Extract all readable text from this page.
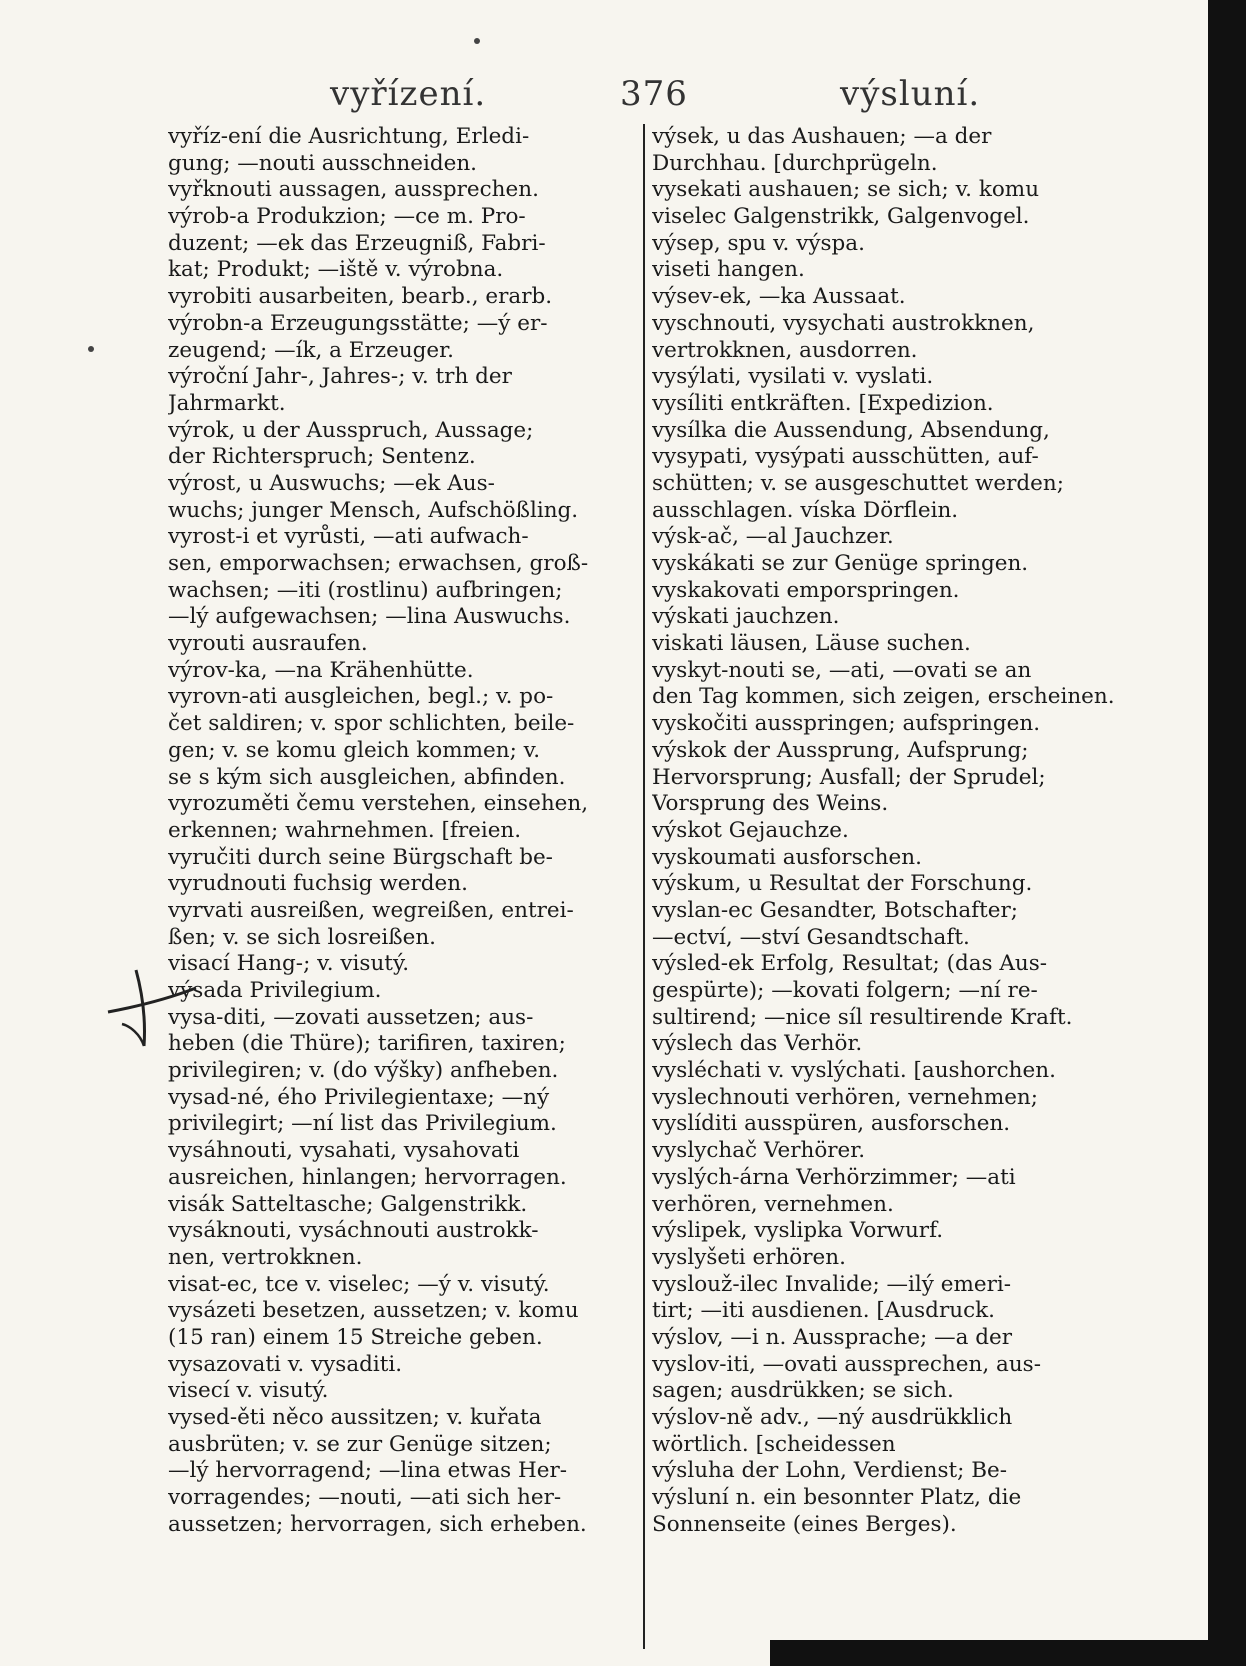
vyřízení.	376	výsluní.
vyříz-ení die Ausrichtung, Erledi-
gung; —nouti ausschneiden.
vyřknouti aussagen, aussprechen.
výrob-a Produkzion; —ce m. Pro-
duzent; —ek das Erzeugniß, Fabri-
kat; Produkt; —iště v. výrobna.
vyrobiti ausarbeiten, bearb., erarb.
výrobn-a Erzeugungsstätte; —ý er-
zeugend; —ík, a Erzeuger.
výroční Jahr-, Jahres-; v. trh der
Jahrmarkt.
výrok, u der Ausspruch, Aussage;
der Richterspruch; Sentenz.
výrost, u Auswuchs; —ek Aus-
wuchs; junger Mensch, Aufschößling.
vyrost-i et vyrůsti, —ati aufwach-
sen, emporwachsen; erwachsen, groß-
wachsen; —iti (rostlinu) aufbringen;
—lý aufgewachsen; —lina Auswuchs.
vyrouti ausraufen.
výrov-ka, —na Krähenhütte.
vyrovn-ati ausgleichen, begl.; v. po-
čet saldiren; v. spor schlichten, beile-
gen; v. se komu gleich kommen; v.
se s kým sich ausgleichen, abfinden.
vyrozuměti čemu verstehen, einsehen,
erkennen; wahrnehmen. [freien.
vyručiti durch seine Bürgschaft be-
vyrudnouti fuchsig werden.
vyrvati ausreißen, wegreißen, entrei-
ßen; v. se sich losreißen.
visací Hang-; v. visutý.
výsada Privilegium.
vysa-diti, —zovati aussetzen; aus-
heben (die Thüre); tarifiren, taxiren;
privilegiren; v. (do výšky) anfheben.
vysad-né, ého Privilegientaxe; —ný
privilegirt; —ní list das Privilegium.
vysáhnouti, vysahati, vysahovati
ausreichen, hinlangen; hervorragen.
visák Satteltasche; Galgenstrikk.
vysáknouti, vysáchnouti austrokk-
nen, vertrokknen.
visat-ec, tce v. viselec; —ý v. visutý.
vysázeti besetzen, aussetzen; v. komu
(15 ran) einem 15 Streiche geben.
vysazovati v. vysaditi.
visecí v. visutý.
vysed-ěti něco aussitzen; v. kuřata
ausbrüten; v. se zur Genüge sitzen;
—lý hervorragend; —lina etwas Her-
vorragendes; —nouti, —ati sich her-
aussetzen; hervorragen, sich erheben.
výsek, u das Aushauen; —a der
Durchhau. [durchprügeln.
vysekati aushauen; se sich; v. komu
viselec Galgenstrikk, Galgenvogel.
výsep, spu v. výspa.
viseti hangen.
výsev-ek, —ka Aussaat.
vyschnouti, vysychati austrokknen,
vertrokknen, ausdorren.
vysýlati, vysilati v. vyslati.
vysíliti entkräften. [Expedizion.
vysílka die Aussendung, Absendung,
vysypati, vysýpati ausschütten, auf-
schütten; v. se ausgeschuttet werden;
ausschlagen. víska Dörflein.
výsk-ač, —al Jauchzer.
vyskákati se zur Genüge springen.
vyskakovati emporspringen.
výskati jauchzen.
viskati läusen, Läuse suchen.
vyskyt-nouti se, —ati, —ovati se an
den Tag kommen, sich zeigen, erscheinen.
vyskočiti ausspringen; aufspringen.
výskok der Aussprung, Aufsprung;
Hervorsprung; Ausfall; der Sprudel;
Vorsprung des Weins.
výskot Gejauchze.
vyskoumati ausforschen.
výskum, u Resultat der Forschung.
vyslan-ec Gesandter, Botschafter;
—ectví, —ství Gesandtschaft.
výsled-ek Erfolg, Resultat; (das Aus-
gespürte); —kovati folgern; —ní re-
sultirend; —nice síl resultirende Kraft.
výslech das Verhör.
vysléchati v. vyslýchati. [aushorchen.
vyslechnouti verhören, vernehmen;
vyslíditi ausspüren, ausforschen.
vyslychač Verhörer.
vyslých-árna Verhörzimmer; —ati
verhören, vernehmen.
výslipek, vyslipka Vorwurf.
vyslyšeti erhören.
vyslouž-ilec Invalide; —ilý emeri-
tirt; —iti ausdienen. [Ausdruck.
výslov, —i n. Aussprache; —a der
vyslov-iti, —ovati aussprechen, aus-
sagen; ausdrükken; se sich.
výslov-ně adv., —ný ausdrükklich
wörtlich. [scheidessen
výsluha der Lohn, Verdienst; Be-
výsluní n. ein besonnter Platz, die
Sonnenseite (eines Berges).
